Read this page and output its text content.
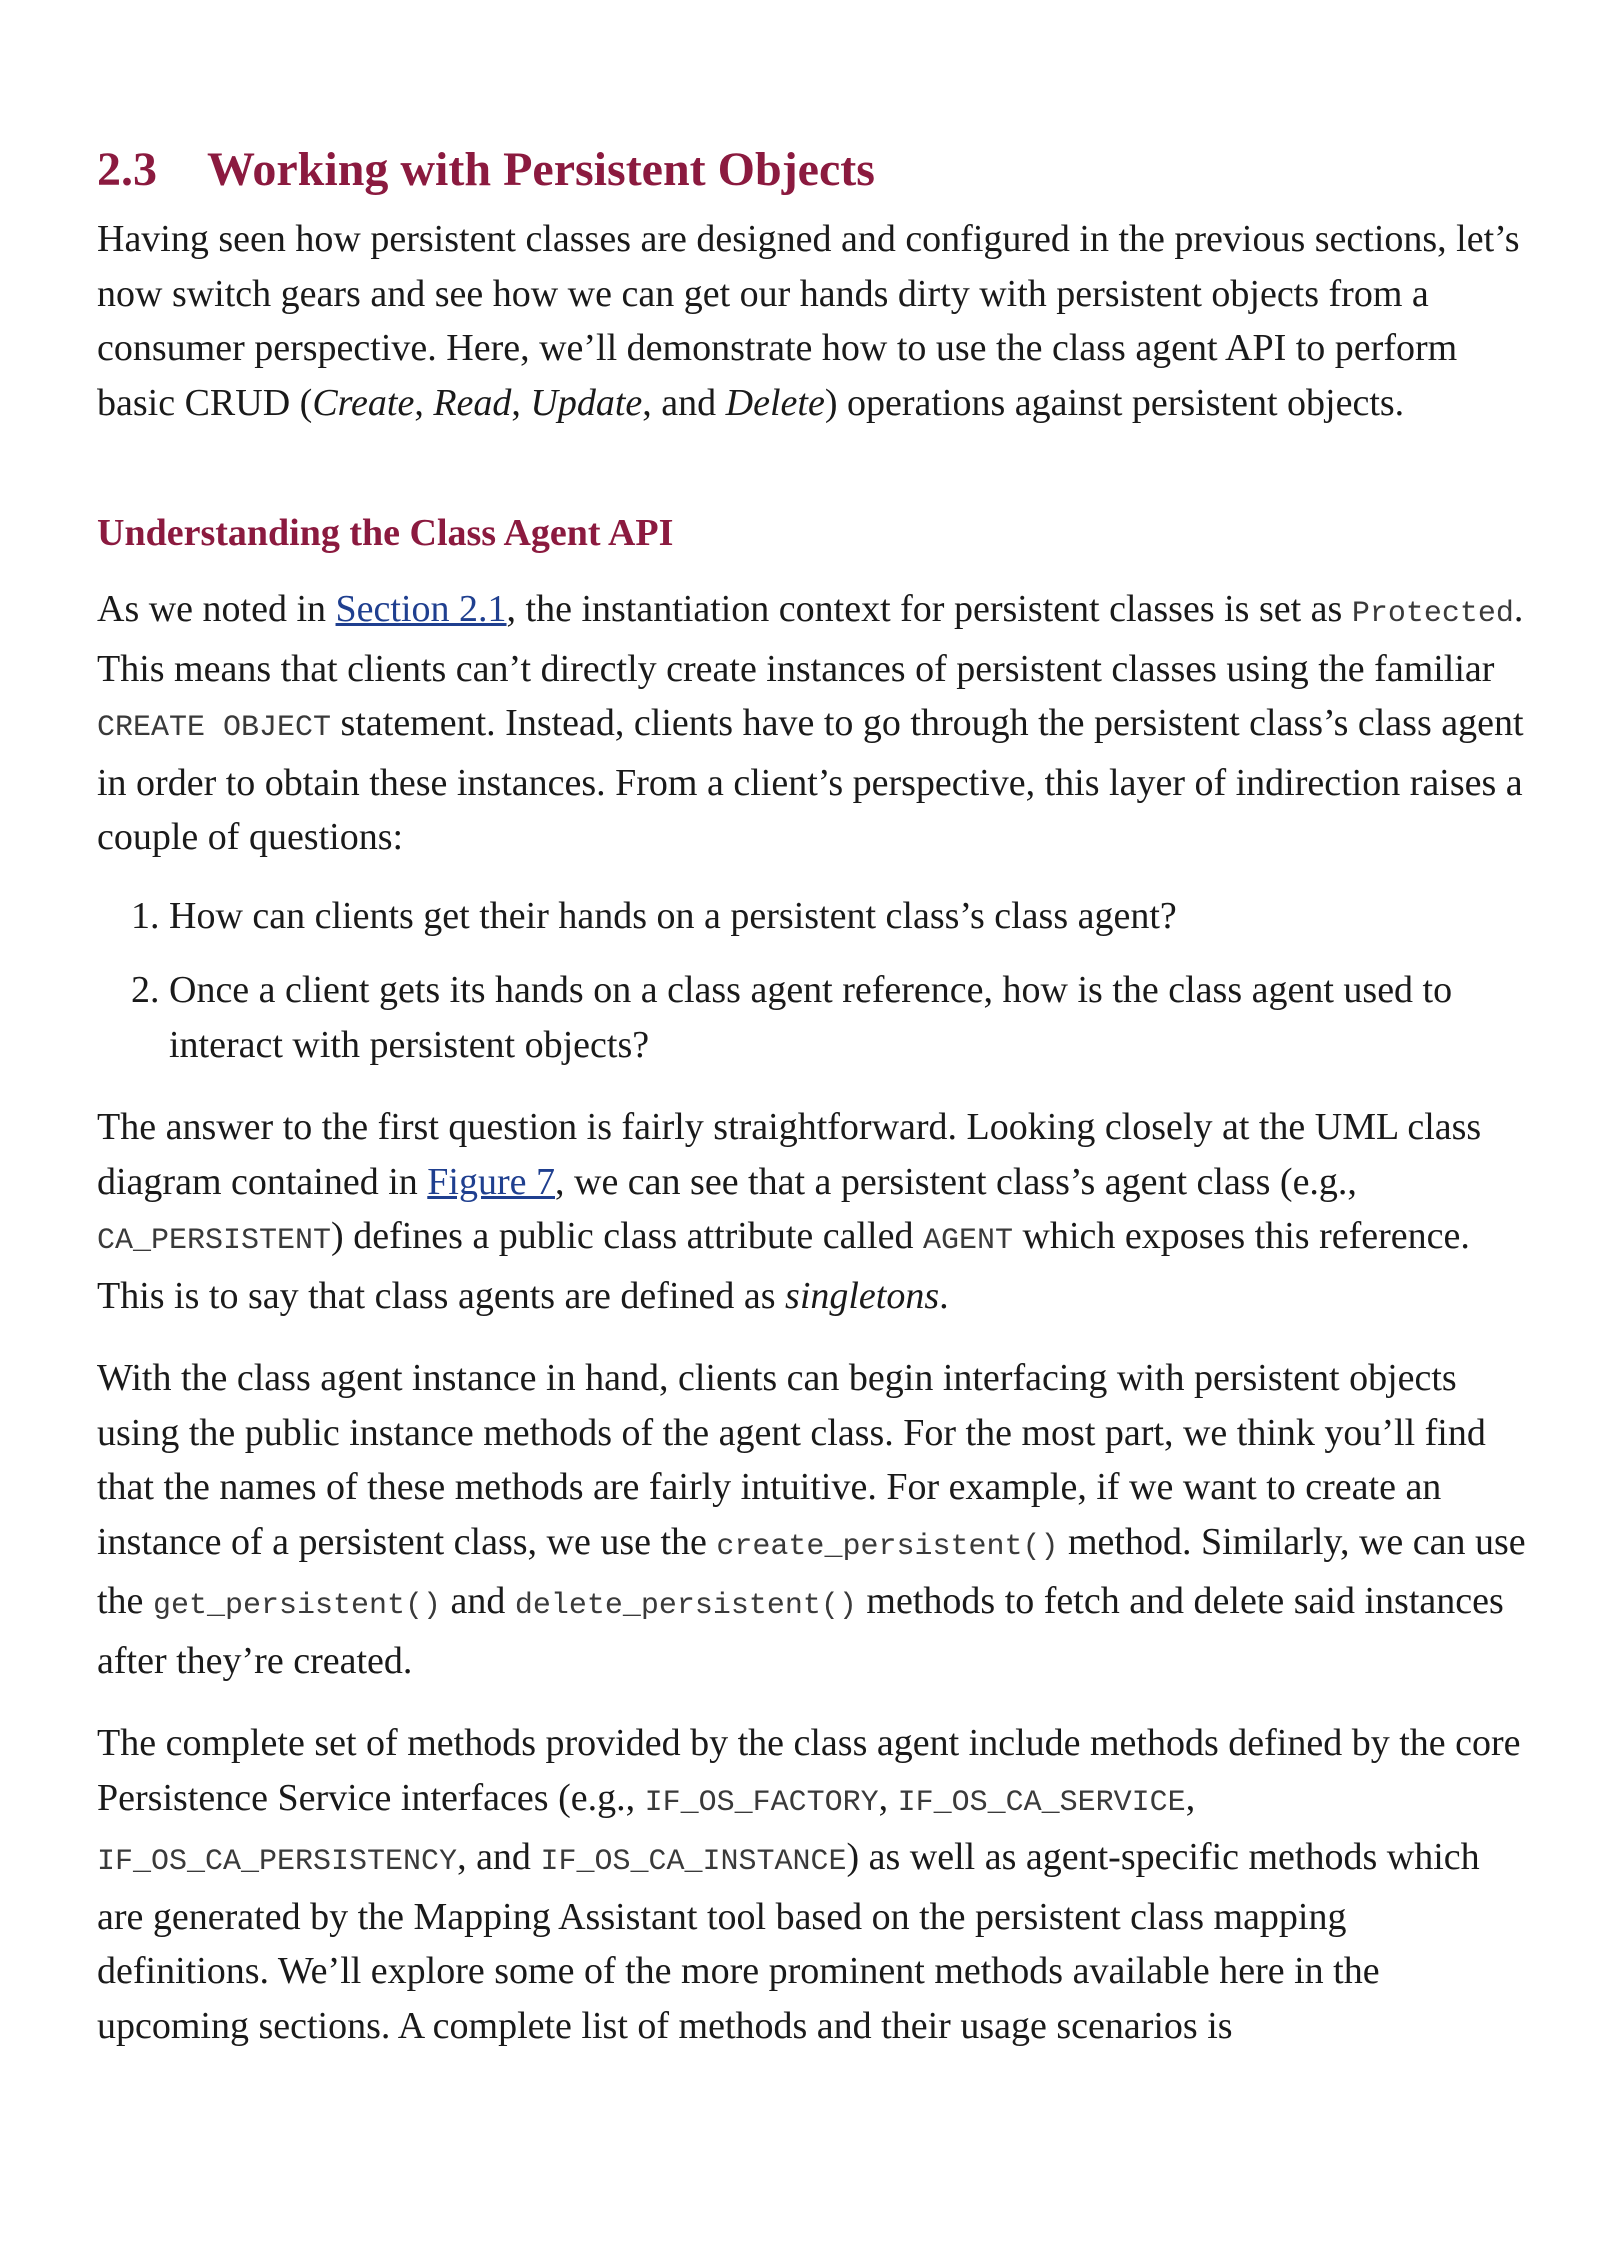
2.3 Working with Persistent Objects

Having seen how persistent classes are designed and configured in the previous sections, let’s now switch gears and see how we can get our hands dirty with persistent objects from a consumer perspective. Here, we’ll demonstrate how to use the class agent API to perform basic CRUD (Create, Read, Update, and Delete) operations against persistent objects.

Understanding the Class Agent API

As we noted in Section 2.1, the instantiation context for persistent classes is set as Protected. This means that clients can’t directly create instances of persistent classes using the familiar CREATE OBJECT statement. Instead, clients have to go through the persistent class’s class agent in order to obtain these instances. From a client’s perspective, this layer of indirection raises a couple of questions:

1. How can clients get their hands on a persistent class’s class agent?
2. Once a client gets its hands on a class agent reference, how is the class agent used to interact with persistent objects?

The answer to the first question is fairly straightforward. Looking closely at the UML class diagram contained in Figure 7, we can see that a persistent class’s agent class (e.g., CA_PERSISTENT) defines a public class attribute called AGENT which exposes this reference. This is to say that class agents are defined as singletons.

With the class agent instance in hand, clients can begin interfacing with persistent objects using the public instance methods of the agent class. For the most part, we think you’ll find that the names of these methods are fairly intuitive. For example, if we want to create an instance of a persistent class, we use the create_persistent() method. Similarly, we can use the get_persistent() and delete_persistent() methods to fetch and delete said instances after they’re created.

The complete set of methods provided by the class agent include methods defined by the core Persistence Service interfaces (e.g., IF_OS_FACTORY, IF_OS_CA_SERVICE, IF_OS_CA_PERSISTENCY, and IF_OS_CA_INSTANCE) as well as agent-specific methods which are generated by the Mapping Assistant tool based on the persistent class mapping definitions. We’ll explore some of the more prominent methods available here in the upcoming sections. A complete list of methods and their usage scenarios is
